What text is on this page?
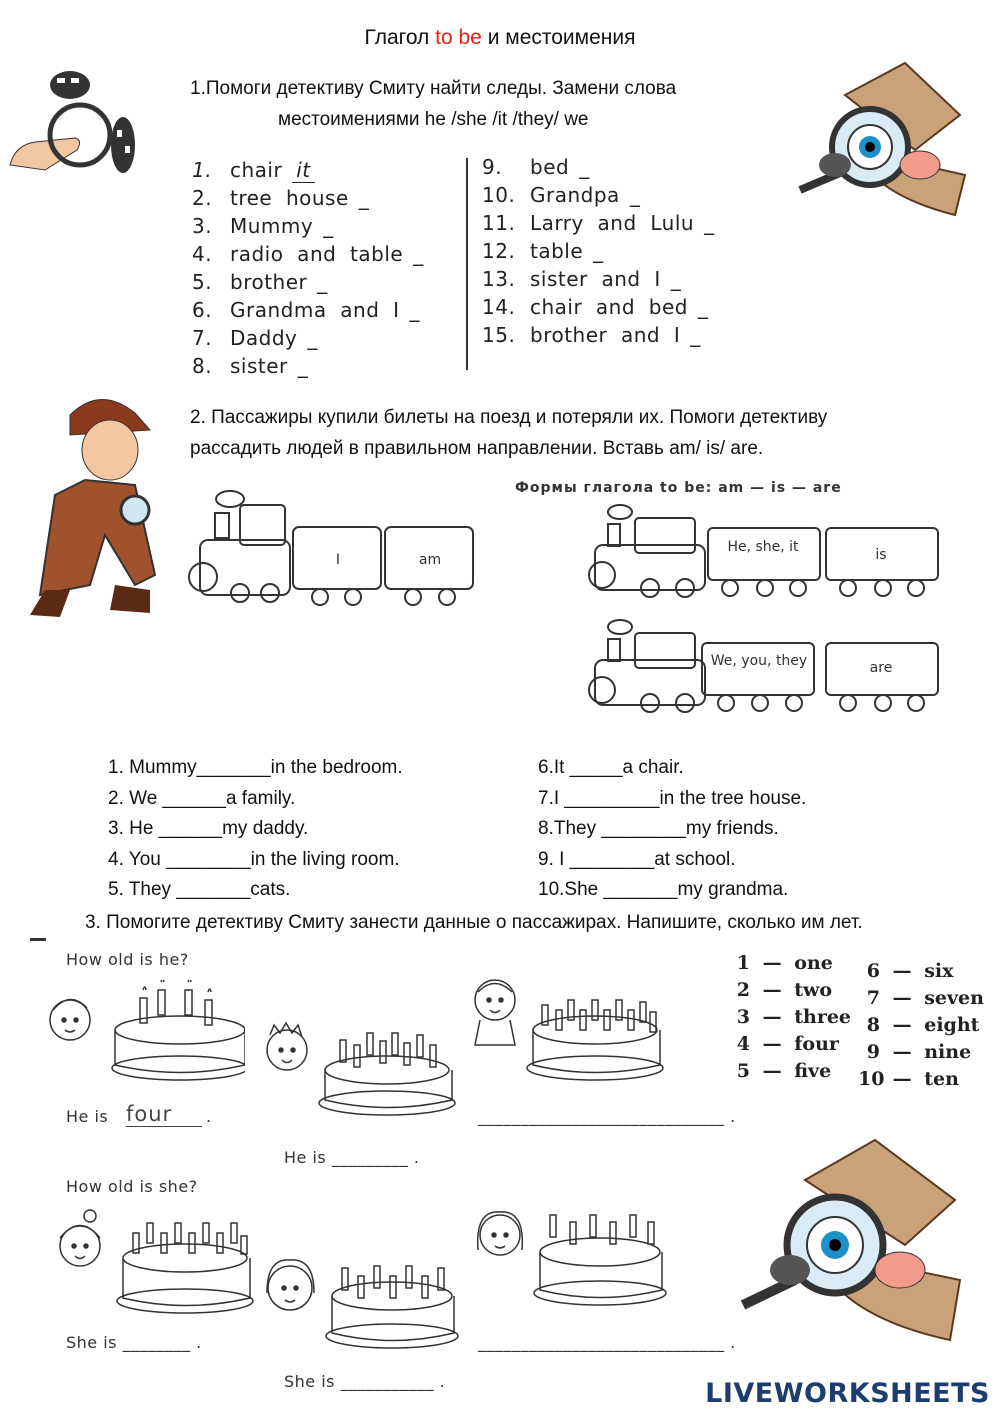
Глагол to be и местоимения
1.Помоги детективу Смиту найти следы. Замени слова
местоимениями he /she /it /they/ we
1. chair it
2. tree  house _
3. Mummy _
4. radio  and  table _
5. brother _
6. Grandma  and  I _
7. Daddy _
8. sister _
9. bed _
10. Grandpa _
11. Larry  and  Lulu _
12. table _
13. sister  and  I _
14. chair  and  bed _
15. brother  and  I _
2. Пассажиры купили билеты на поезд и потеряли их. Помоги детективу
рассадить людей в правильном направлении. Вставь am/ is/ are.
I	am
Формы глагола to be: am — is — are
He, she, it	is
We, you, they	are
1. Mummy_______in the bedroom.
2. We ______a family.
3. He ______my daddy.
4. You ________in the living room.
5. They _______cats.
6.It _____a chair.
7.I _________in the tree house.
8.They ________my friends.
9. I ________at school.
10.She _______my grandma.
3. Помогите детективу Смиту занести данные о пассажирах. Напишите, сколько им лет.
How old is he?
He is four	.
He is _________ .
_____________________________ .
1 — one
2 — two
3 — three
4 — four
5 — five
6 — six
7 — seven
8 — eight
9 — nine
10 — ten
How old is she?
She is ________ .
She is ___________ .
_____________________________ .
LIVEWORKSHEETS
